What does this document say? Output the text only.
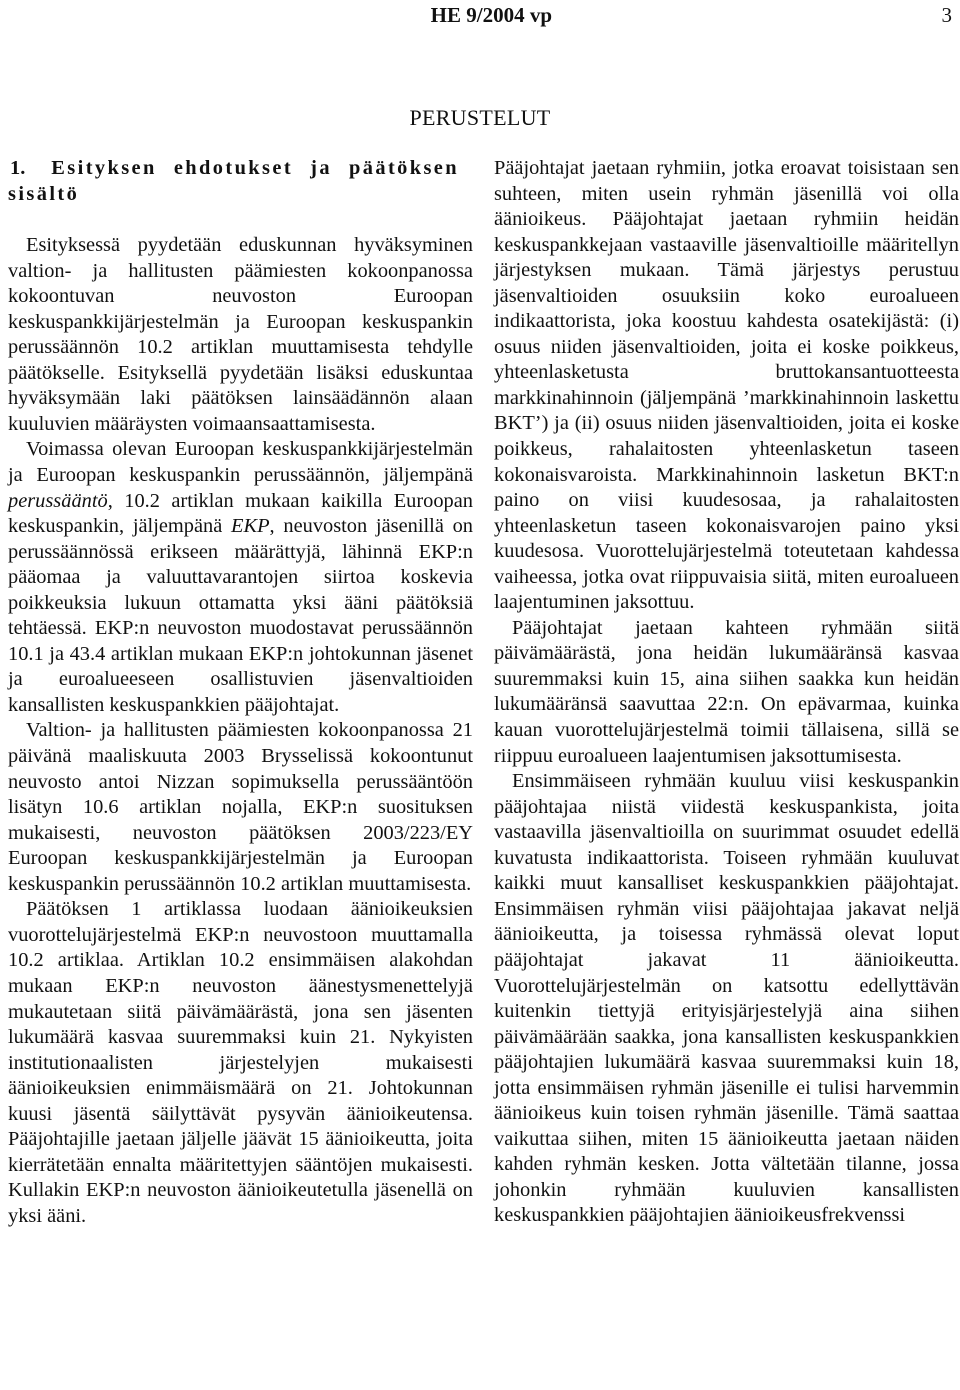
HE 9/2004 vp	3
PERUSTELUT
1. Esityksen ehdotukset ja päätöksen sisältö

Esityksessä pyydetään eduskunnan hyväksyminen valtion- ja hallitusten päämiesten kokoonpanossa kokoontuvan neuvoston Euroopan keskuspankkijärjestelmän ja Euroopan keskuspankin perussäännön 10.2 artiklan muuttamisesta tehdylle päätökselle. Esityksellä pyydetään lisäksi eduskuntaa hyväksymään laki päätöksen lainsäädännön alaan kuuluvien määräysten voimaansaattamisesta.

Voimassa olevan Euroopan keskuspankkijärjestelmän ja Euroopan keskuspankin perussäännön, jäljempänä perussääntö, 10.2 artiklan mukaan kaikilla Euroopan keskuspankin, jäljempänä EKP, neuvoston jäsenillä on perussäännössä erikseen määrättyjä, lähinnä EKP:n pääomaa ja valuuttavarantojen siirtoa koskevia poikkeuksia lukuun ottamatta yksi ääni päätöksiä tehtäessä. EKP:n neuvoston muodostavat perussäännön 10.1 ja 43.4 artiklan mukaan EKP:n johtokunnan jäsenet ja euroalueeseen osallistuvien jäsenvaltioiden kansallisten keskuspankkien pääjohtajat.

Valtion- ja hallitusten päämiesten kokoonpanossa 21 päivänä maaliskuuta 2003 Brysselissä kokoontunut neuvosto antoi Nizzan sopimuksella perussääntöön lisätyn 10.6 artiklan nojalla, EKP:n suosituksen mukaisesti, neuvoston päätöksen 2003/223/EY Euroopan keskuspankkijärjestelmän ja Euroopan keskuspankin perussäännön 10.2 artiklan muuttamisesta.

Päätöksen 1 artiklassa luodaan äänioikeuksien vuorottelujärjestelmä EKP:n neuvostoon muuttamalla 10.2 artiklaa. Artiklan 10.2 ensimmäisen alakohdan mukaan EKP:n neuvoston äänestysmenettelyjä mukautetaan siitä päivämäärästä, jona sen jäsenten lukumäärä kasvaa suuremmaksi kuin 21. Nykyisten institutionaalisten järjestelyjen mukaisesti äänioikeuksien enimmäismäärä on 21. Johtokunnan kuusi jäsentä säilyttävät pysyvän äänioikeutensa. Pääjohtajille jaetaan jäljelle jäävät 15 äänioikeutta, joita kierrätetään ennalta määritettyjen sääntöjen mukaisesti. Kullakin EKP:n neuvoston äänioikeutetulla jäsenellä on yksi ääni.

Pääjohtajat jaetaan ryhmiin, jotka eroavat toisistaan sen suhteen, miten usein ryhmän jäsenillä voi olla äänioikeus. Pääjohtajat jaetaan ryhmiin heidän keskuspankkejaan vastaaville jäsenvaltioille määritellyn järjestyksen mukaan. Tämä järjestys perustuu jäsenvaltioiden osuuksiin koko euroalueen indikaattorista, joka koostuu kahdesta osatekijästä: (i) osuus niiden jäsenvaltioiden, joita ei koske poikkeus, yhteenlasketusta bruttokansantuotteesta markkinahinnoin (jäljempänä ’markkinahinnoin laskettu BKT’) ja (ii) osuus niiden jäsenvaltioiden, joita ei koske poikkeus, rahalaitosten yhteenlasketun taseen kokonaisvaroista. Markkinahinnoin lasketun BKT:n paino on viisi kuudesosaa, ja rahalaitosten yhteenlasketun taseen kokonaisvarojen paino yksi kuudesosa. Vuorottelujärjestelmä toteutetaan kahdessa vaiheessa, jotka ovat riippuvaisia siitä, miten euroalueen laajentuminen jaksottuu.

Pääjohtajat jaetaan kahteen ryhmään siitä päivämäärästä, jona heidän lukumääränsä kasvaa suuremmaksi kuin 15, aina siihen saakka kun heidän lukumääränsä saavuttaa 22:n. On epävarmaa, kuinka kauan vuorottelujärjestelmä toimii tällaisena, sillä se riippuu euroalueen laajentumisen jaksottumisesta.

Ensimmäiseen ryhmään kuuluu viisi keskuspankin pääjohtajaa niistä viidestä keskuspankista, joita vastaavilla jäsenvaltioilla on suurimmat osuudet edellä kuvatusta indikaattorista. Toiseen ryhmään kuuluvat kaikki muut kansalliset keskuspankkien pääjohtajat. Ensimmäisen ryhmän viisi pääjohtajaa jakavat neljä äänioikeutta, ja toisessa ryhmässä olevat loput pääjohtajat jakavat 11 äänioikeutta. Vuorottelujärjestelmän on katsottu edellyttävän kuitenkin tiettyjä erityisjärjestelyjä aina siihen päivämäärään saakka, jona kansallisten keskuspankkien pääjohtajien lukumäärä kasvaa suuremmaksi kuin 18, jotta ensimmäisen ryhmän jäsenille ei tulisi harvemmin äänioikeus kuin toisen ryhmän jäsenille. Tämä saattaa vaikuttaa siihen, miten 15 äänioikeutta jaetaan näiden kahden ryhmän kesken. Jotta vältetään tilanne, jossa johonkin ryhmään kuuluvien kansallisten keskuspankkien pääjohtajien äänioikeusfrekvenssi
